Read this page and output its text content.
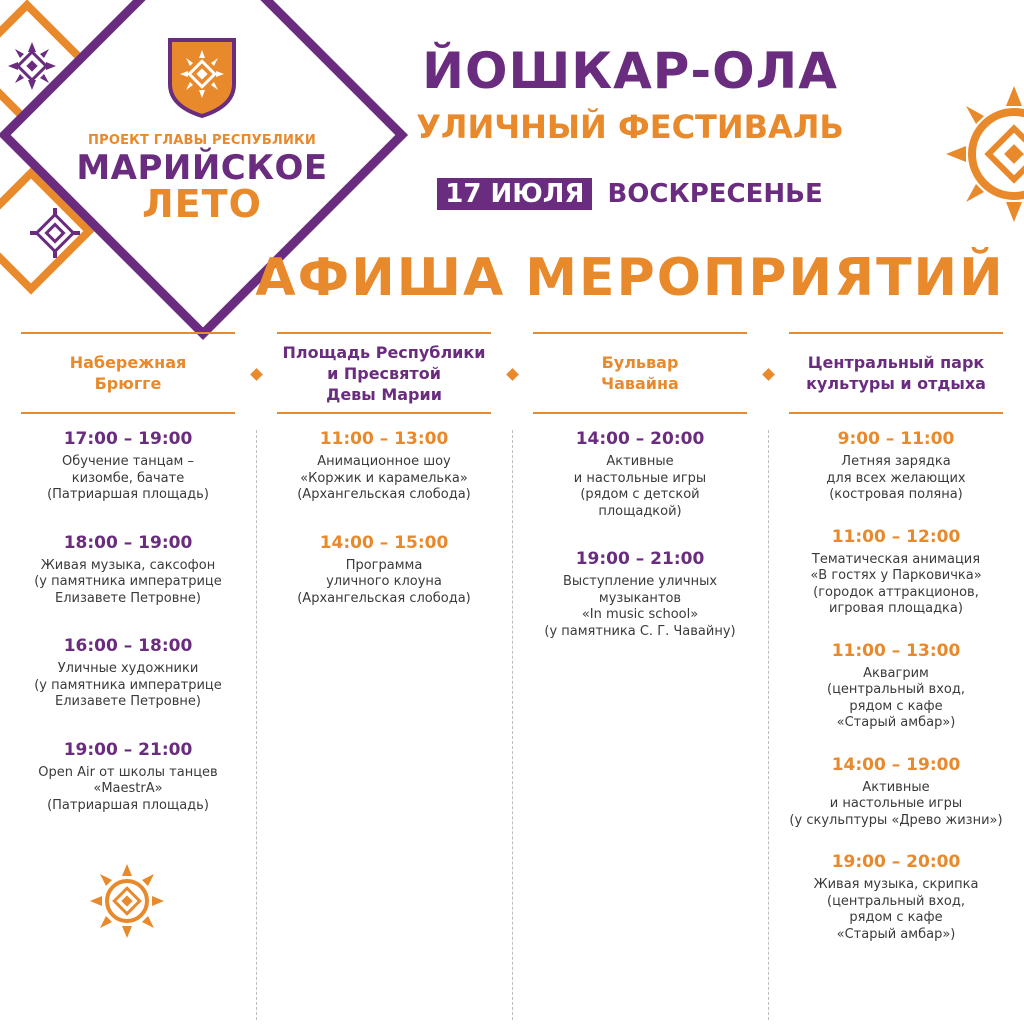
ПРОЕКТ ГЛАВЫ РЕСПУБЛИКИ
МАРИЙСКОЕ
ЛЕТО
ЙОШКАР-ОЛА
УЛИЧНЫЙ ФЕСТИВАЛЬ
17 ИЮЛЯ ВОСКРЕСЕНЬЕ
АФИША МЕРОПРИЯТИЙ
Набережная
Брюгге
17:00 – 19:00
Обучение танцам –
кизомбе, бачате
(Патриаршая площадь)
18:00 – 19:00
Живая музыка, саксофон
(у памятника императрице
Елизавете Петровне)
16:00 – 18:00
Уличные художники
(у памятника императрице
Елизавете Петровне)
19:00 – 21:00
Open Air от школы танцев
«MaestrA»
(Патриаршая площадь)
Площадь Республики
и Пресвятой
Девы Марии
11:00 – 13:00
Анимационное шоу
«Коржик и карамелька»
(Архангельская слобода)
14:00 – 15:00
Программа
уличного клоуна
(Архангельская слобода)
Бульвар
Чавайна
14:00 – 20:00
Активные
и настольные игры
(рядом с детской
площадкой)
19:00 – 21:00
Выступление уличных
музыкантов
«In music school»
(у памятника С. Г. Чавайну)
Центральный парк
культуры и отдыха
9:00 – 11:00
Летняя зарядка
для всех желающих
(костровая поляна)
11:00 – 12:00
Тематическая анимация
«В гостях у Парковичка»
(городок аттракционов,
игровая площадка)
11:00 – 13:00
Аквагрим
(центральный вход,
рядом с кафе
«Старый амбар»)
14:00 – 19:00
Активные
и настольные игры
(у скульптуры «Древо жизни»)
19:00 – 20:00
Живая музыка, скрипка
(центральный вход,
рядом с кафе
«Старый амбар»)
